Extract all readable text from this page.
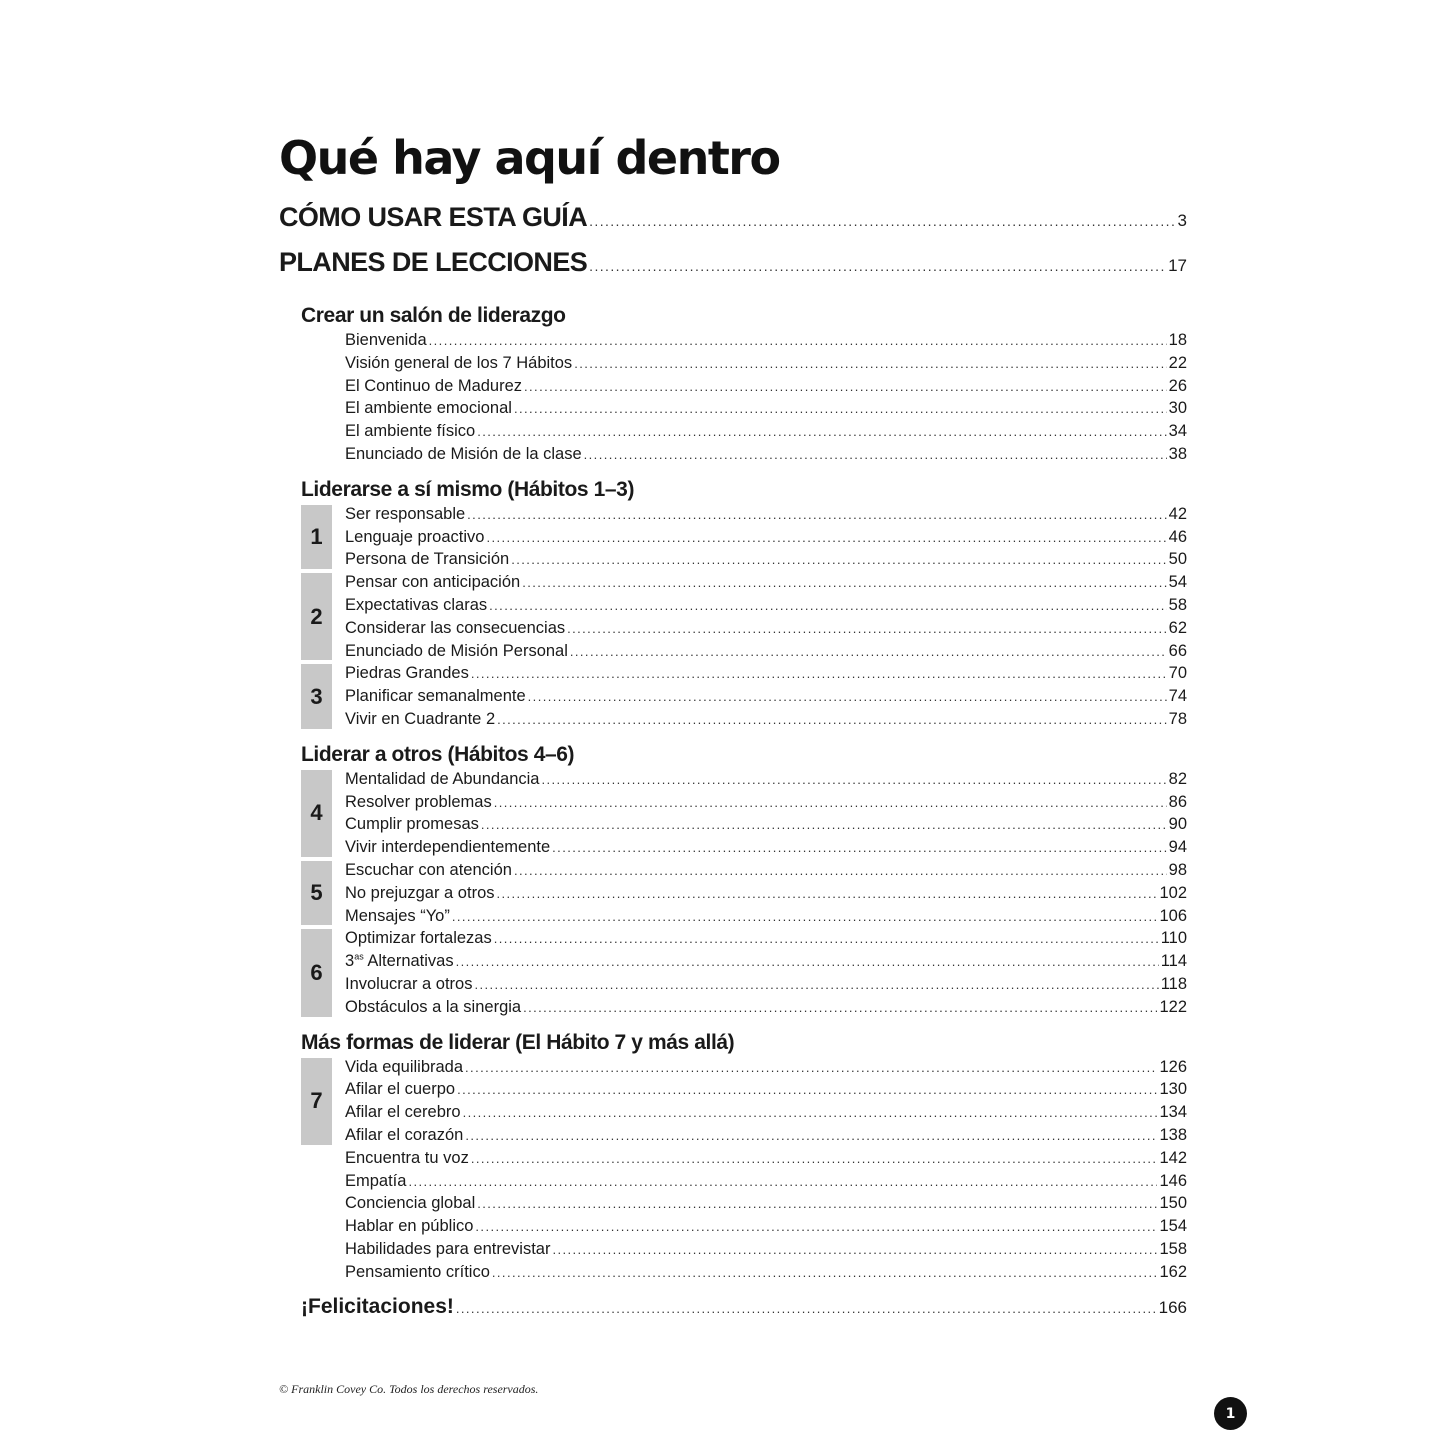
Qué hay aquí dentro
CÓMO USAR ESTA GUÍA .....	3
PLANES DE LECCIONES .....	17
Crear un salón de liderazgo
Bienvenida .....	18
Visión general de los 7 Hábitos .....	22
El Continuo de Madurez .....	26
El ambiente emocional .....	30
El ambiente físico .....	34
Enunciado de Misión de la clase .....	38
Liderarse a sí mismo (Hábitos 1–3)
1
Ser responsable .....	42
Lenguaje proactivo .....	46
Persona de Transición .....	50
2
Pensar con anticipación .....	54
Expectativas claras .....	58
Considerar las consecuencias .....	62
Enunciado de Misión Personal .....	66
3
Piedras Grandes .....	70
Planificar semanalmente .....	74
Vivir en Cuadrante 2 .....	78
Liderar a otros (Hábitos 4–6)
4
Mentalidad de Abundancia .....	82
Resolver problemas .....	86
Cumplir promesas .....	90
Vivir interdependientemente .....	94
5
Escuchar con atención .....	98
No prejuzgar a otros .....	102
Mensajes “Yo” .....	106
6
Optimizar fortalezas .....	110
$3^{as}$ Alternativas .....	114
Involucrar a otros .....	118
Obstáculos a la sinergia .....	122
Más formas de liderar (El Hábito 7 y más allá)
7
Vida equilibrada .....	126
Afilar el cuerpo .....	130
Afilar el cerebro .....	134
Afilar el corazón .....	138
Encuentra tu voz .....	142
Empatía .....	146
Conciencia global .....	150
Hablar en público .....	154
Habilidades para entrevistar .....	158
Pensamiento crítico .....	162
¡Felicitaciones! .....	166
© Franklin Covey Co. Todos los derechos reservados.
1
